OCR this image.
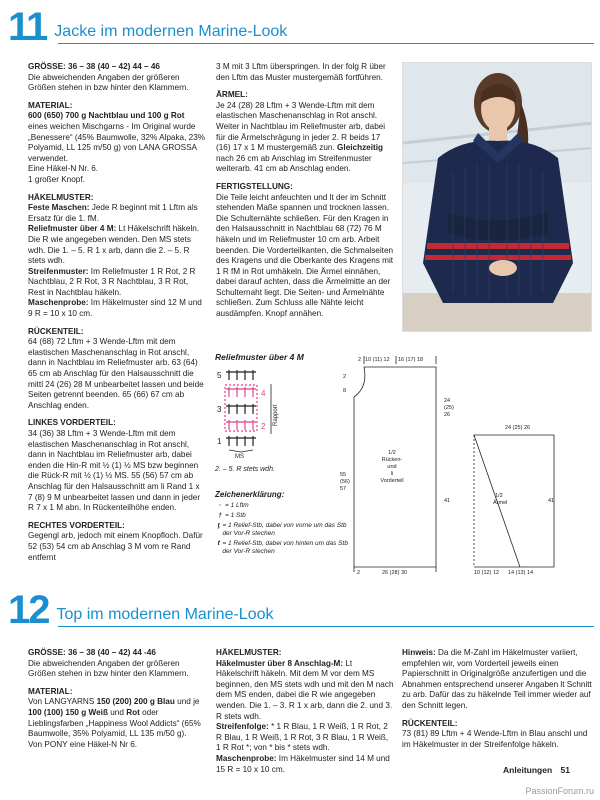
11 Jacke im modernen Marine-Look

GRÖSSE: 36 – 38 (40 – 42) 44 – 46

Die abweichenden Angaben der größeren Größen stehen in bzw hinter den Klammern.

MATERIAL:

600 (650) 700 g Nachtblau und 100 g Rot eines weichen Mischgarns - Im Original wurde „Benessere“ (45% Baumwolle, 32% Alpaka, 23% Polyamid, LL 125 m/50 g) von LANA GROSSA verwendet.

Eine Häkel-N Nr. 6.

1 großer Knopf.

HÄKELMUSTER:

Feste Maschen: Jede R beginnt mit 1 Lftm als Ersatz für die 1. fM.

Reliefmuster über 4 M: Lt Häkelschrift häkeln. Die R wie angegeben wenden. Den MS stets wdh. Die 1. – 5. R 1 x arb, dann die 2. – 5. R stets wdh.

Streifenmuster: Im Reliefmuster 1 R Rot, 2 R Nachtblau, 2 R Rot, 3 R Nachtblau, 3 R Rot, Rest in Nachtblau häkeln.

Maschenprobe: Im Häkelmuster sind 12 M und 9 R = 10 x 10 cm.

RÜCKENTEIL:

64 (68) 72 Lftm + 3 Wende-Lftm mit dem elastischen Maschenanschlag in Rot anschl, dann in Nachtblau im Reliefmuster arb. 63 (64) 65 cm ab Anschlag für den Halsausschnitt die mittl 24 (26) 28 M unbearbeitet lassen und beide Seiten getrennt beenden. 65 (66) 67 cm ab Anschlag enden.

LINKES VORDERTEIL:

34 (36) 38 Lftm + 3 Wende-Lftm mit dem elastischen Maschenanschlag in Rot anschl, dann in Nachtblau im Reliefmuster arb, dabei enden die Hin-R mit ½ (1) ½ MS bzw beginnen die Rück-R mit ½ (1) ½ MS. 55 (56) 57 cm ab Anschlag für den Halsausschnitt am li Rand 1 x 7 (8) 9 M unbearbeitet lassen und dann in jeder R 7 x 1 M abn. In Rückenteilhöhe enden.

RECHTES VORDERTEIL:

Gegengl arb, jedoch mit einem Knopfloch. Dafür 52 (53) 54 cm ab Anschlag 3 M vom re Rand entfernt

3 M mit 3 Lftm überspringen. In der folg R über den Lftm das Muster mustergemäß fortführen.

ÄRMEL:

Je 24 (28) 28 Lftm + 3 Wende-Lftm mit dem elastischen Maschenanschlag in Rot anschl. Weiter in Nachtblau im Reliefmuster arb, dabei für die Ärmelschrägung in jeder 2. R beids 17 (16) 17 x 1 M mustergemäß zun. Gleichzeitig nach 26 cm ab Anschlag im Streifenmuster weiterarb. 41 cm ab Anschlag enden.

FERTIGSTELLUNG:

Die Teile leicht anfeuchten und lt der im Schnitt stehenden Maße spannen und trocknen lassen. Die Schulternähte schließen. Für den Kragen in den Halsausschnitt in Nachtblau 68 (72) 76 M häkeln und im Reliefmuster 10 cm arb. Arbeit beenden. Die Vorderteilkanten, die Schmalseiten des Kragens und die Oberkante des Kragens mit 1 R fM in Rot umhäkeln. Die Ärmel einnähen, dabei darauf achten, dass die Ärmelmitte an der Schulternaht liegt. Die Seiten- und Ärmelnähte schließen. Zum Schluss alle Nähte leicht ausdämpfen. Knopf annähen.

Reliefmuster über 4 M
5
3
1
4
2
Rapport
MS
2. – 5. R stets wdh.
Zeichenerklärung:
· = 1 Lftm
† = 1 Stb
ƫ = 1 Relief-Stb, dabei von vorne um das Stb der Vor-R stechen
ƭ = 1 Relief-Stb, dabei von hinten um das Stb der Vor-R stechen
2 10 (11) 12 16 (17) 18
2
8
24
(25)
26
55
(56)
57
1/2
Rücken-
und
li
Vorderteil
41
2	26 (28) 30
24 (25) 26
1/2
Ärmel	41
10 (12) 12 14 (13) 14
12 Top im modernen Marine-Look

GRÖSSE: 36 – 38 (40 – 42) 44 -46

Die abweichenden Angaben der größeren Größen stehen in bzw hinter den Klammern.

MATERIAL:

Von LANGYARNS 150 (200) 200 g Blau und je 100 (100) 150 g Weiß und Rot oder Lieblingsfarben „Happiness Wool Addicts“ (65% Baumwolle, 35% Polyamid, LL 135 m/50 g).

Von PONY eine Häkel-N Nr 6.

HÄKELMUSTER:

Häkelmuster über 8 Anschlag-M: Lt Häkelschrift häkeln. Mit dem M vor dem MS beginnen, den MS stets wdh und mit den M nach dem MS enden, dabei die R wie angegeben wenden. Die 1. – 3. R 1 x arb, dann die 2. und 3. R stets wdh.

Streifenfolge: * 1 R Blau, 1 R Weiß, 1 R Rot, 2 R Blau, 1 R Weiß, 1 R Rot, 3 R Blau, 1 R Weiß, 1 R Rot *; von * bis * stets wdh.

Maschenprobe: Im Häkelmuster sind 14 M und 15 R = 10 x 10 cm.

Hinweis: Da die M-Zahl im Häkelmuster variiert, empfehlen wir, vom Vorderteil jeweils einen Papierschnitt in Originalgröße anzufertigen und die Abnahmen entsprechend unserer Angaben lt Schnitt zu arb. Dafür das zu häkelnde Teil immer wieder auf den Schnitt legen.

RÜCKENTEIL:

73 (81) 89 Lftm + 4 Wende-Lftm in Blau anschl und im Häkelmuster in der Streifenfolge häkeln.

Anleitungen 51
PassionForum.ru
